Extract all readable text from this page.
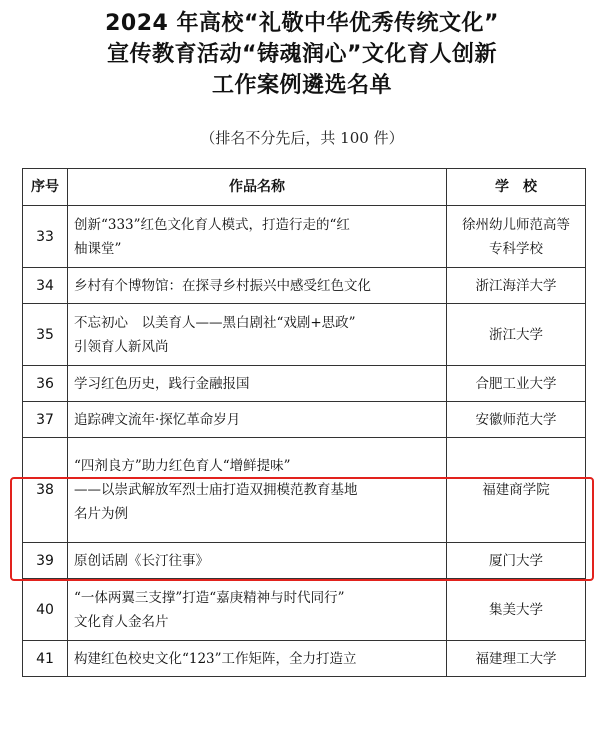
2024 年高校“礼敬中华优秀传统文化”
宣传教育活动“铸魂润心”文化育人创新
工作案例遴选名单
（排名不分先后，共 100 件）
序号	作品名称	学　校
33	创新“333”红色文化育人模式，打造行走的“红
柚课堂”	徐州幼儿师范高等
专科学校

34	乡村有个博物馆：在探寻乡村振兴中感受红色文化	浙江海洋大学

35	不忘初心　以美育人——黑白剧社“戏剧+思政”
引领育人新风尚	浙江大学

36	学习红色历史，践行金融报国	合肥工业大学

37	追踪碑文流年·探忆革命岁月	安徽师范大学

38	“四剂良方”助力红色育人“增鲜提味”
——以崇武解放军烈士庙打造双拥模范教育基地
名片为例	福建商学院

39	原创话剧《长汀往事》	厦门大学

40	“一体两翼三支撑”打造“嘉庚精神与时代同行”
文化育人金名片	集美大学

41	构建红色校史文化“123”工作矩阵，全力打造立	福建理工大学
